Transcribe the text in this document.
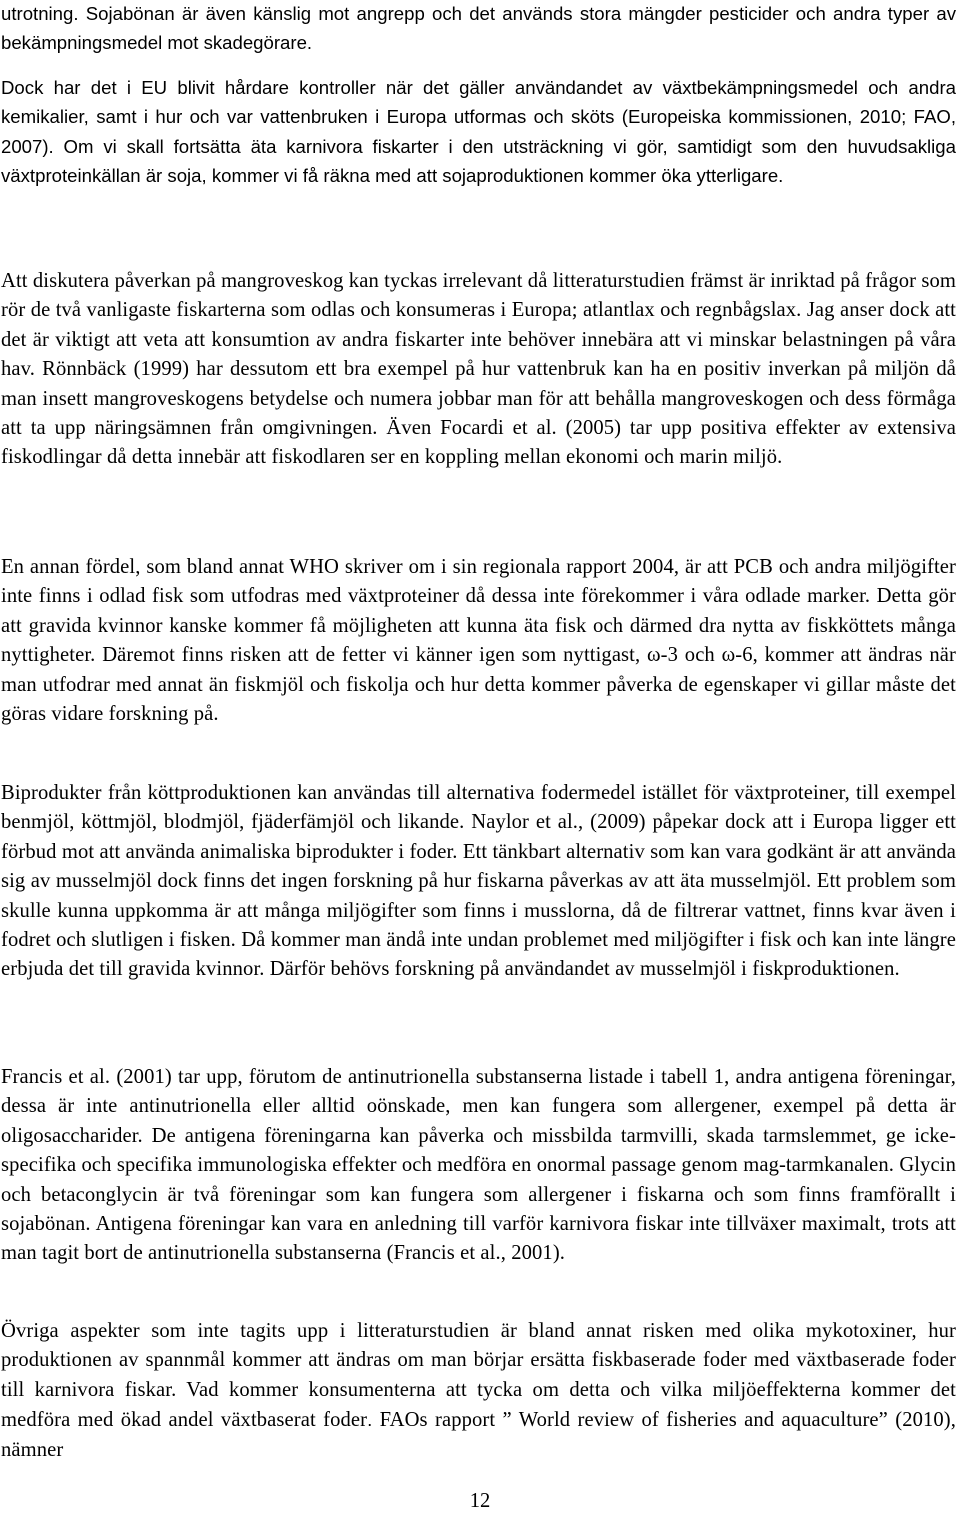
utrotning. Sojabönan är även känslig mot angrepp och det används stora mängder pesticider och andra typer av bekämpningsmedel mot skadegörare.

Dock har det i EU blivit hårdare kontroller när det gäller användandet av växtbekämpningsmedel och andra kemikalier, samt i hur och var vattenbruken i Europa utformas och sköts (Europeiska kommissionen, 2010; FAO, 2007). Om vi skall fortsätta äta karnivora fiskarter i den utsträckning vi gör, samtidigt som den huvudsakliga växtproteinkällan är soja, kommer vi få räkna med att sojaproduktionen kommer öka ytterligare.

Att diskutera påverkan på mangroveskog kan tyckas irrelevant då litteraturstudien främst är inriktad på frågor som rör de två vanligaste fiskarterna som odlas och konsumeras i Europa; atlantlax och regnbågslax. Jag anser dock att det är viktigt att veta att konsumtion av andra fiskarter inte behöver innebära att vi minskar belastningen på våra hav. Rönnbäck (1999) har dessutom ett bra exempel på hur vattenbruk kan ha en positiv inverkan på miljön då man insett mangroveskogens betydelse och numera jobbar man för att behålla mangroveskogen och dess förmåga att ta upp näringsämnen från omgivningen. Även Focardi et al. (2005) tar upp positiva effekter av extensiva fiskodlingar då detta innebär att fiskodlaren ser en koppling mellan ekonomi och marin miljö.

En annan fördel, som bland annat WHO skriver om i sin regionala rapport 2004, är att PCB och andra miljögifter inte finns i odlad fisk som utfodras med växtproteiner då dessa inte förekommer i våra odlade marker. Detta gör att gravida kvinnor kanske kommer få möjligheten att kunna äta fisk och därmed dra nytta av fiskköttets många nyttigheter. Däremot finns risken att de fetter vi känner igen som nyttigast, ω-3 och ω-6, kommer att ändras när man utfodrar med annat än fiskmjöl och fiskolja och hur detta kommer påverka de egenskaper vi gillar måste det göras vidare forskning på.

Biprodukter från köttproduktionen kan användas till alternativa fodermedel istället för växtproteiner, till exempel benmjöl, köttmjöl, blodmjöl, fjäderfämjöl och likande. Naylor et al., (2009) påpekar dock att i Europa ligger ett förbud mot att använda animaliska biprodukter i foder. Ett tänkbart alternativ som kan vara godkänt är att använda sig av musselmjöl dock finns det ingen forskning på hur fiskarna påverkas av att äta musselmjöl. Ett problem som skulle kunna uppkomma är att många miljögifter som finns i musslorna, då de filtrerar vattnet, finns kvar även i fodret och slutligen i fisken. Då kommer man ändå inte undan problemet med miljögifter i fisk och kan inte längre erbjuda det till gravida kvinnor. Därför behövs forskning på användandet av musselmjöl i fiskproduktionen.

Francis et al. (2001) tar upp, förutom de antinutrionella substanserna listade i tabell 1, andra antigena föreningar, dessa är inte antinutrionella eller alltid oönskade, men kan fungera som allergener, exempel på detta är oligosaccharider. De antigena föreningarna kan påverka och missbilda tarmvilli, skada tarmslemmet, ge icke-specifika och specifika immunologiska effekter och medföra en onormal passage genom mag-tarmkanalen. Glycin och betaconglycin är två föreningar som kan fungera som allergener i fiskarna och som finns framförallt i sojabönan. Antigena föreningar kan vara en anledning till varför karnivora fiskar inte tillväxer maximalt, trots att man tagit bort de antinutrionella substanserna (Francis et al., 2001).

Övriga aspekter som inte tagits upp i litteraturstudien är bland annat risken med olika mykotoxiner, hur produktionen av spannmål kommer att ändras om man börjar ersätta fiskbaserade foder med växtbaserade foder till karnivora fiskar. Vad kommer konsumenterna att tycka om detta och vilka miljöeffekterna kommer det medföra med ökad andel växtbaserat foder. FAOs rapport ” World review of fisheries and aquaculture” (2010), nämner

12
